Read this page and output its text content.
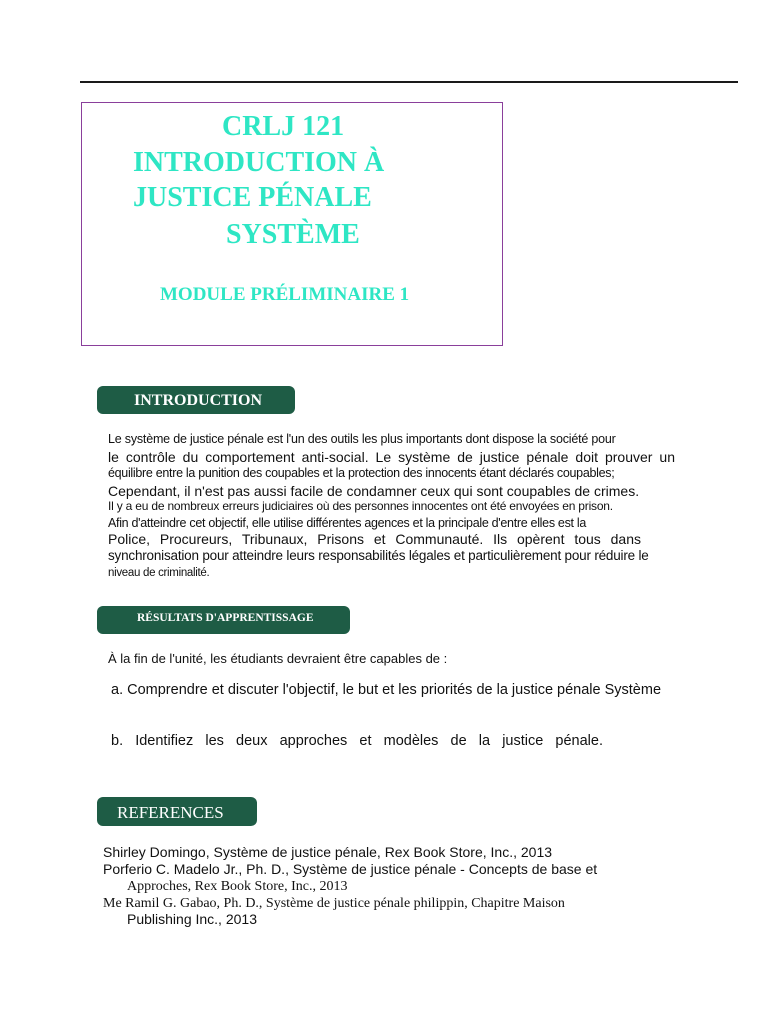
CRLJ 121
INTRODUCTION À
JUSTICE PÉNALE
SYSTÈME
MODULE PRÉLIMINAIRE 1
INTRODUCTION
Le système de justice pénale est l'un des outils les plus importants dont dispose la société pour
le contrôle du comportement anti-social. Le système de justice pénale doit prouver un
équilibre entre la punition des coupables et la protection des innocents étant déclarés coupables;
Cependant, il n'est pas aussi facile de condamner ceux qui sont coupables de crimes.
Il y a eu de nombreux erreurs judiciaires où des personnes innocentes ont été envoyées en prison.
Afin d'atteindre cet objectif, elle utilise différentes agences et la principale d'entre elles est la
Police, Procureurs, Tribunaux, Prisons et Communauté. Ils opèrent tous dans
synchronisation pour atteindre leurs responsabilités légales et particulièrement pour réduire le
niveau de criminalité.
RÉSULTATS D'APPRENTISSAGE
À la fin de l'unité, les étudiants devraient être capables de :
a. Comprendre et discuter l'objectif, le but et les priorités de la justice pénale Système
b. Identifiez les deux approches et modèles de la justice pénale.
REFERENCES
Shirley Domingo, Système de justice pénale, Rex Book Store, Inc., 2013
Porferio C. Madelo Jr., Ph. D., Système de justice pénale - Concepts de base et
Approches, Rex Book Store, Inc., 2013
Me Ramil G. Gabao, Ph. D., Système de justice pénale philippin, Chapitre Maison
Publishing Inc., 2013
